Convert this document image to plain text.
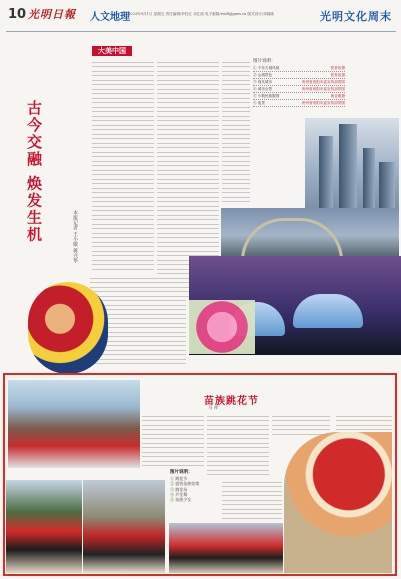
10 光明日報 人文地理
2023年9月1日 星期五 责任编辑/李旺红 邓汇丽 电子邮箱/rwdl@gmw.cn 版式设计/邓晓瑜	光明文化周末
大美中国
古今交融 焕发生机	本报记者 王小敏 蒋兴华
图片说明：
① 千年古城风貌	张世伟摄
② 山城景色	张世伟摄
③ 现代城市	贵州省贵阳市委宣传部供图
④ 城市全景	贵州省贵阳市委宣传部供图
⑤ 少数民族服饰	黄亚明摄
⑥ 夜景	贵州省贵阳市委宣传部供图
苗族跳花节
马 祥
图片说明：
① 跳花节
② 盛装苗族姑娘
③ 跳花场
④ 芦笙舞
⑤ 苗族少女
